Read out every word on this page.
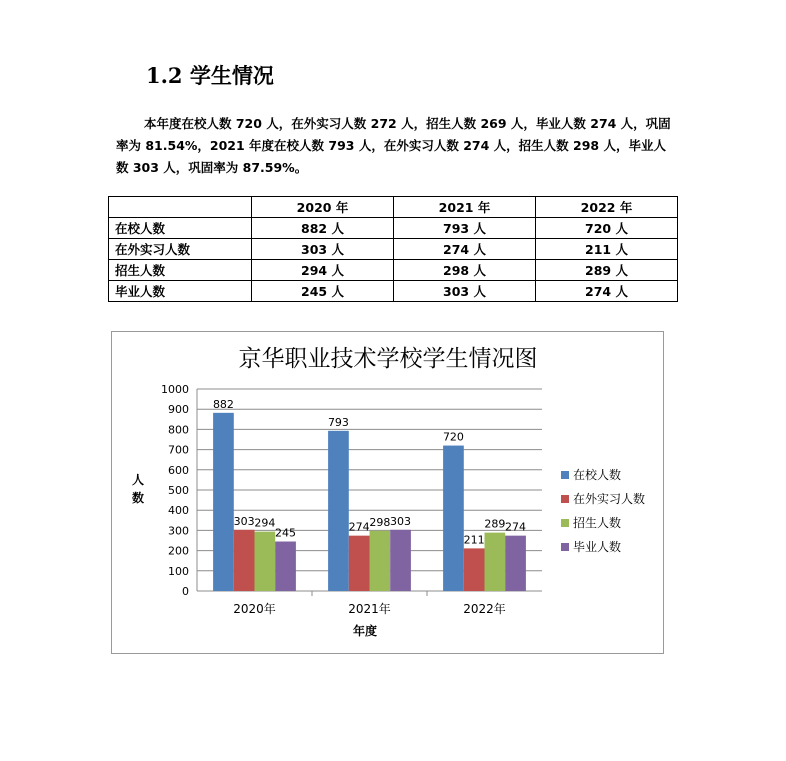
1.2 学生情况
本年度在校人数 720 人，在外实习人数 272 人，招生人数 269 人，毕业人数 274 人，巩固率为 81.54%，2021 年度在校人数 793 人，在外实习人数 274 人，招生人数 298 人，毕业人数 303 人，巩固率为 87.59%。
	2020 年	2021 年	2022 年
在校人数	882 人	793 人	720 人
在外实习人数	303 人	274 人	211 人
招生人数	294 人	298 人	289 人
毕业人数	245 人	303 人	274 人
京华职业技术学校学生情况图
0
100
200
300
400
500
600
700
800
900
1000
882
303 294
245
793
274 298 303
720
211
289 274
2020年	2021年	2022年
在校人数
在外实习人数
招生人数
毕业人数
年度
人
数
